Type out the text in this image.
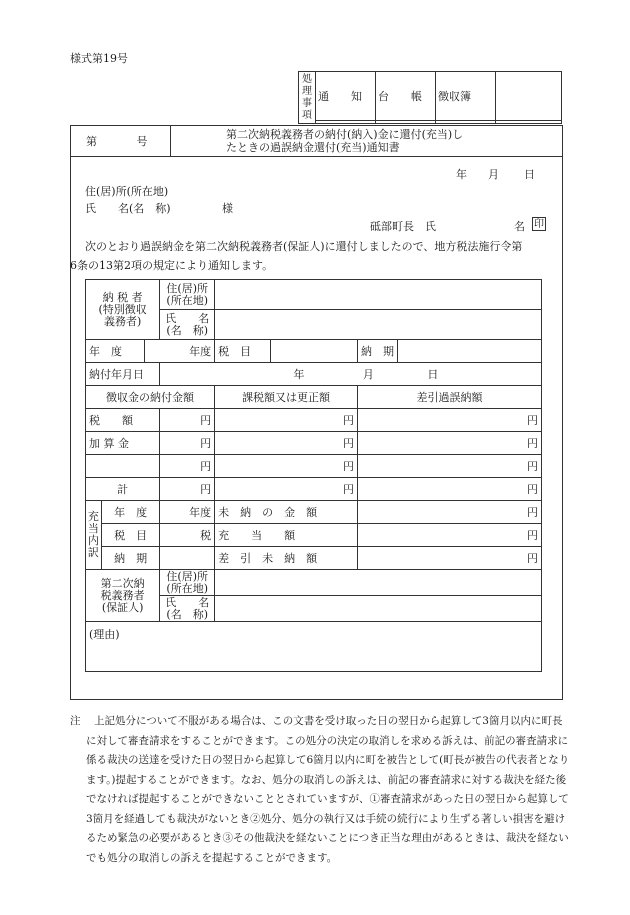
様式第19号
処
理
事
項	通　　知	台　　帳	徴収簿	

第	号	
第二次納税義務者の納付(納入)金に還付(充当)し
たときの過誤納金還付(充当)通知書
年 月 日
住(居)所(所在地)
氏　　名(名　称)	様
砥部町長　氏	名 印
次のとおり過誤納金を第二次納税義務者(保証人)に還付しましたので、地方税法施行令第
6条の13第2項の規定により通知します。
納 税 者
(特別徴収
義務者)			住(居)所
(所在地)				
			氏　　名
(名　称)				
年　度		年度		税　目		納　期	
納付年月日			年 月 日				
徴収金の納付金額				課税額又は更正額		差引過誤納額	
税　　額			円	円		円	
加 算 金			円	円		円	
			円	円		円	
計			円	円		円	
充
当
内
訳	年　度		年度	未　納　の　金　額		円	
	税　目		税	充　　当　　額		円	
	納　期			差　引　未　納　額		円	
第二次納
税義務者
(保証人)			住(居)所
(所在地)				
			氏　　名
(名　称)				
(理由)							
注	上記処分について不服がある場合は、この文書を受け取った日の翌日から起算して3箇月以内に町長に対して審査請求をすることができます。この処分の決定の取消しを求める訴えは、前記の審査請求に係る裁決の送達を受けた日の翌日から起算して6箇月以内に町を被告として(町長が被告の代表者となります。)提起することができます。なお、処分の取消しの訴えは、前記の審査請求に対する裁決を経た後でなければ提起することができないこととされていますが、①審査請求があった日の翌日から起算して3箇月を経過しても裁決がないとき②処分、処分の執行又は手続の続行により生ずる著しい損害を避けるため緊急の必要があるとき③その他裁決を経ないことにつき正当な理由があるときは、裁決を経ないでも処分の取消しの訴えを提起することができます。
